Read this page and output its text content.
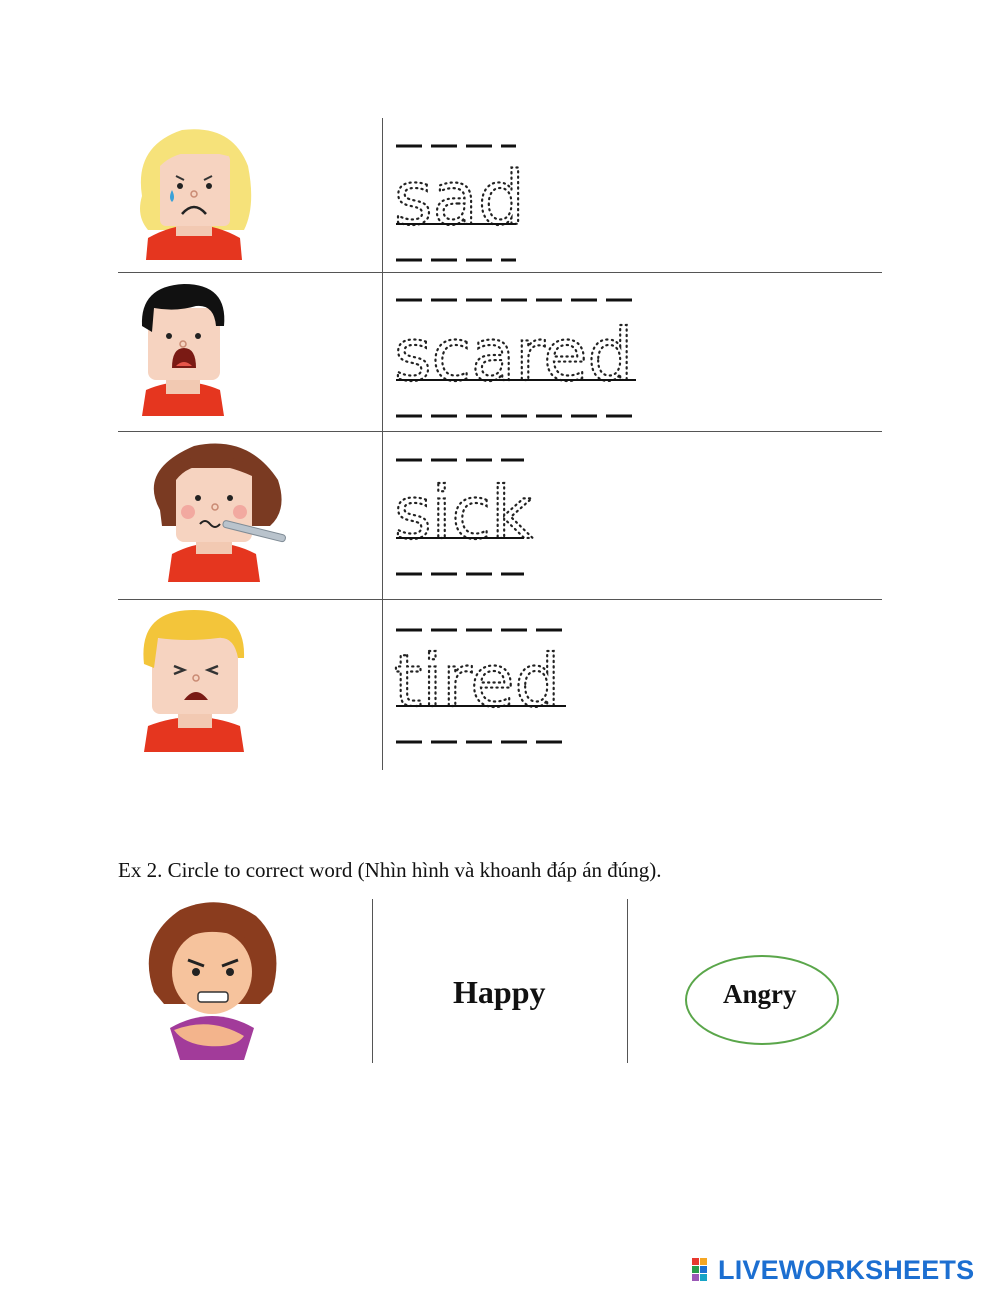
sad
scared
sick
tired
Ex 2. Circle to correct word (Nhìn hình và khoanh đáp án đúng).
Happy	Angry
LIVEWORKSHEETS
